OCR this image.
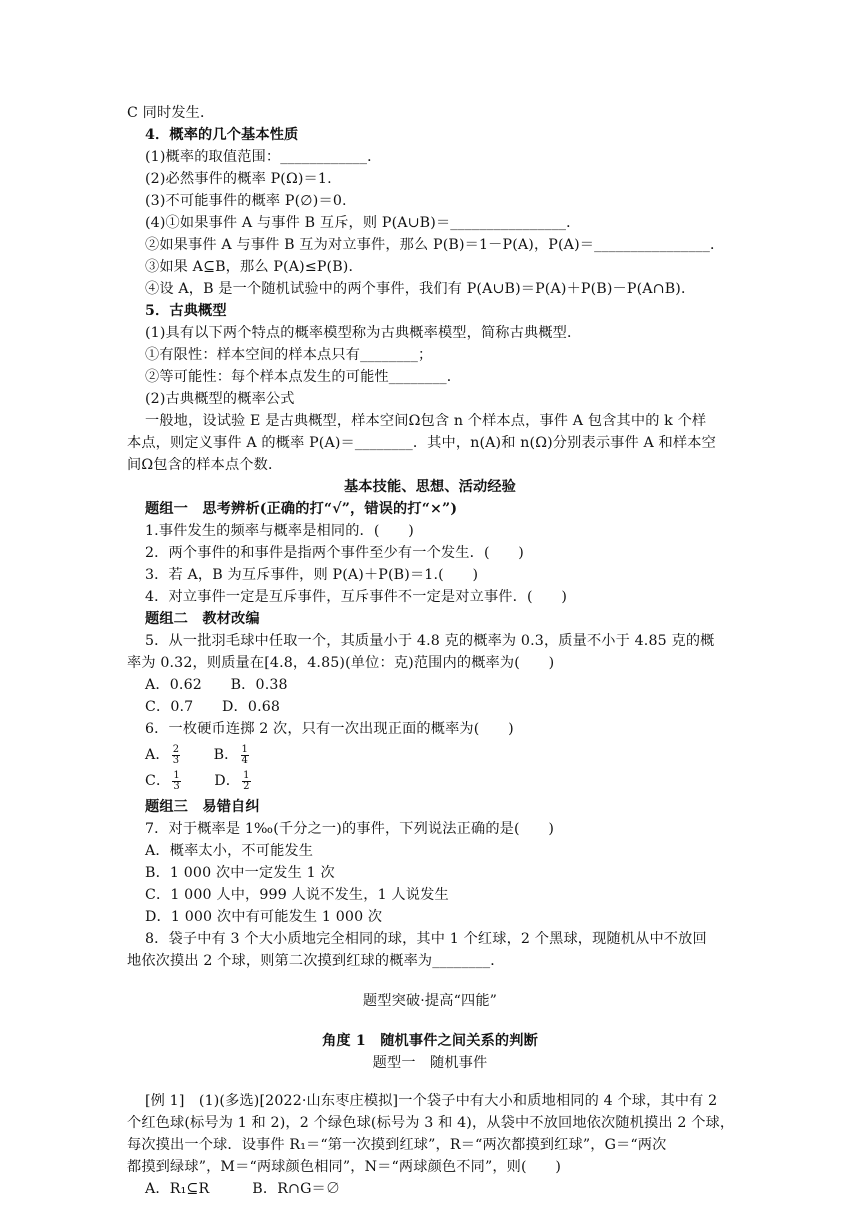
C 同时发生．
4．概率的几个基本性质
(1)概率的取值范围：____________．
(2)必然事件的概率 P(Ω)＝1.
(3)不可能事件的概率 P(∅)＝0.
(4)①如果事件 A 与事件 B 互斥，则 P(A∪B)＝________________．
②如果事件 A 与事件 B 互为对立事件，那么 P(B)＝1－P(A)，P(A)＝________________．
③如果 A⊆B，那么 P(A)≤P(B)．
④设 A，B 是一个随机试验中的两个事件，我们有 P(A∪B)＝P(A)＋P(B)－P(A∩B)．
5．古典概型
(1)具有以下两个特点的概率模型称为古典概率模型，简称古典概型．
①有限性：样本空间的样本点只有________；
②等可能性：每个样本点发生的可能性________．
(2)古典概型的概率公式
一般地，设试验 E 是古典概型，样本空间Ω包含 n 个样本点，事件 A 包含其中的 k 个样
本点，则定义事件 A 的概率 P(A)＝________．其中，n(A)和 n(Ω)分别表示事件 A 和样本空
间Ω包含的样本点个数．
基本技能、思想、活动经验
题组一　思考辨析(正确的打“√”，错误的打“×”)
1.事件发生的频率与概率是相同的．(　　)
2．两个事件的和事件是指两个事件至少有一个发生．(　　)
3．若 A，B 为互斥事件，则 P(A)＋P(B)＝1.(　　)
4．对立事件一定是互斥事件，互斥事件不一定是对立事件．(　　)
题组二　教材改编
5．从一批羽毛球中任取一个，其质量小于 4.8 克的概率为 0.3，质量不小于 4.85 克的概
率为 0.32，则质量在[4.8，4.85)(单位：克)范围内的概率为(　　)
A．0.62　　B．0.38
C．0.7　　D．0.68
6．一枚硬币连掷 2 次，只有一次出现正面的概率为(　　)
A． $\frac{2}{3}$ B． $\frac{1}{4}$
C． $\frac{1}{3}$ D． $\frac{1}{2}$
题组三　易错自纠
7．对于概率是 1‰(千分之一)的事件，下列说法正确的是(　　)
A．概率太小，不可能发生
B．1 000 次中一定发生 1 次
C．1 000 人中，999 人说不发生，1 人说发生
D．1 000 次中有可能发生 1 000 次
8．袋子中有 3 个大小质地完全相同的球，其中 1 个红球，2 个黑球，现随机从中不放回
地依次摸出 2 个球，则第二次摸到红球的概率为________．
题型突破·提高“四能”
角度 1　随机事件之间关系的判断
题型一　随机事件
[例 1]　(1)(多选)[2022·山东枣庄模拟]一个袋子中有大小和质地相同的 4 个球，其中有 2
个红色球(标号为 1 和 2)，2 个绿色球(标号为 3 和 4)，从袋中不放回地依次随机摸出 2 个球，
每次摸出一个球．设事件 R₁＝“第一次摸到红球”，R＝“两次都摸到红球”，G＝“两次
都摸到绿球”，M＝“两球颜色相同”，N＝“两球颜色不同”，则(　　)
A．R₁⊆R　　　B．R∩G＝∅
